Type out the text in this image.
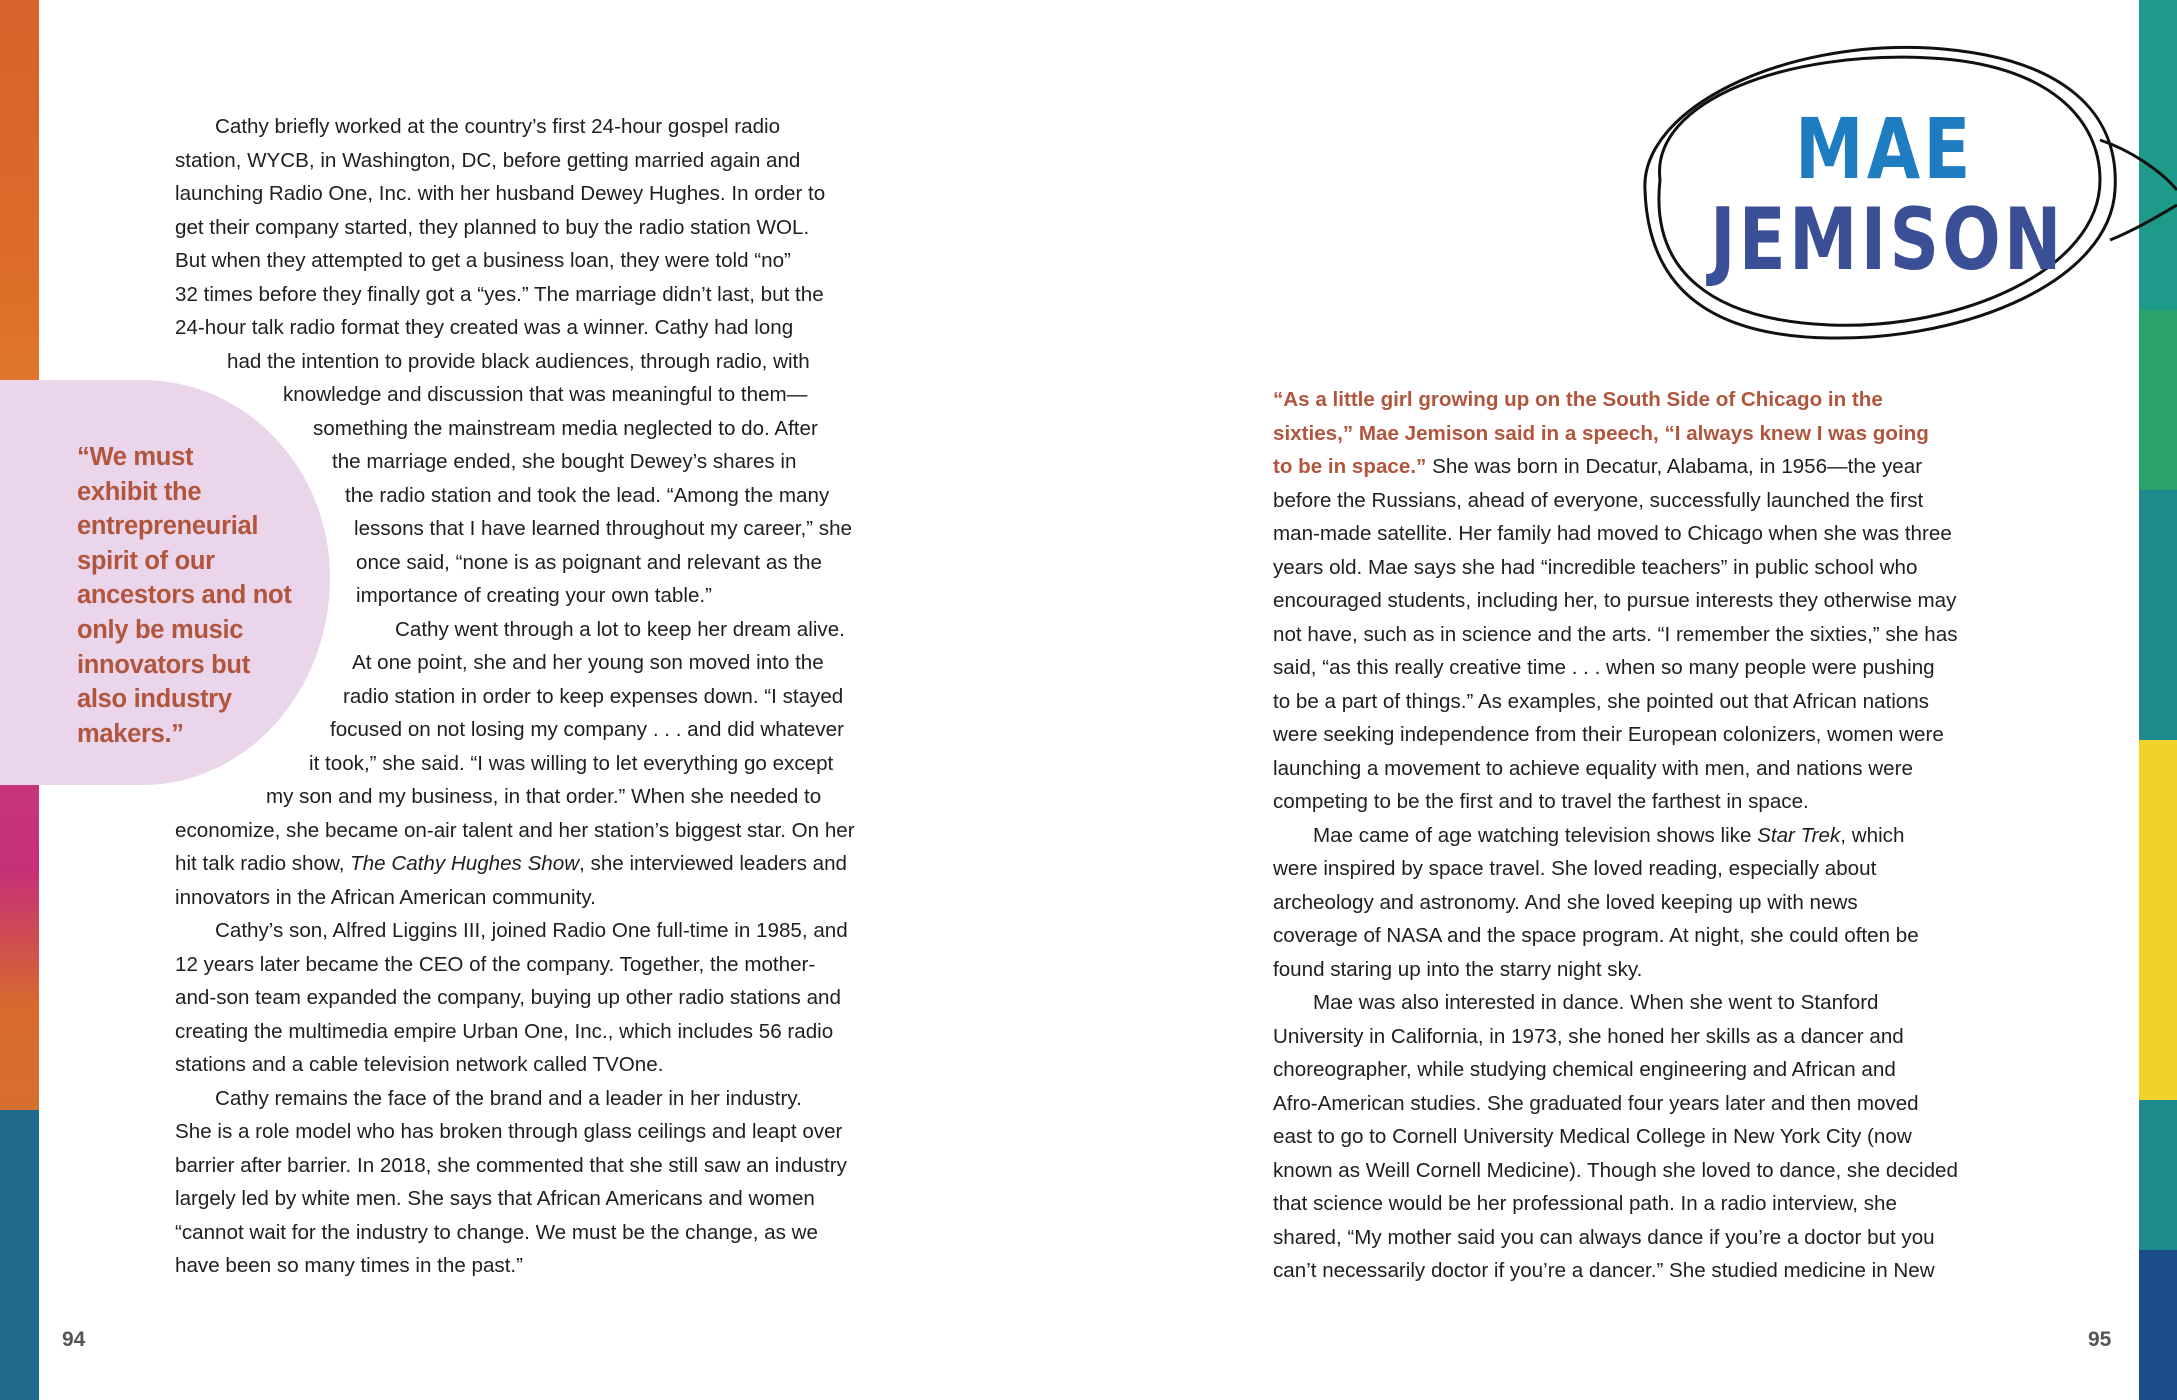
“We must
exhibit the
entrepreneurial
spirit of our
ancestors and not
only be music
innovators but
also industry
makers.”
Cathy briefly worked at the country’s first 24-hour gospel radio
station, WYCB, in Washington, DC, before getting married again and
launching Radio One, Inc. with her husband Dewey Hughes. In order to
get their company started, they planned to buy the radio station WOL.
But when they attempted to get a business loan, they were told “no”
32 times before they finally got a “yes.” The marriage didn’t last, but the
24-hour talk radio format they created was a winner. Cathy had long
had the intention to provide black audiences, through radio, with
knowledge and discussion that was meaningful to them—
something the mainstream media neglected to do. After
the marriage ended, she bought Dewey’s shares in
the radio station and took the lead. “Among the many
lessons that I have learned throughout my career,” she
once said, “none is as poignant and relevant as the
importance of creating your own table.”
Cathy went through a lot to keep her dream alive.
At one point, she and her young son moved into the
radio station in order to keep expenses down. “I stayed
focused on not losing my company . . . and did whatever
it took,” she said. “I was willing to let everything go except
my son and my business, in that order.” When she needed to
economize, she became on-air talent and her station’s biggest star. On her
hit talk radio show, The Cathy Hughes Show, she interviewed leaders and
innovators in the African American community.
Cathy’s son, Alfred Liggins III, joined Radio One full-time in 1985, and
12 years later became the CEO of the company. Together, the mother-
and-son team expanded the company, buying up other radio stations and
creating the multimedia empire Urban One, Inc., which includes 56 radio
stations and a cable television network called TVOne.
Cathy remains the face of the brand and a leader in her industry.
She is a role model who has broken through glass ceilings and leapt over
barrier after barrier. In 2018, she commented that she still saw an industry
largely led by white men. She says that African Americans and women
“cannot wait for the industry to change. We must be the change, as we
have been so many times in the past.”
94
MAE
JEMISON
“As a little girl growing up on the South Side of Chicago in the
sixties,” Mae Jemison said in a speech, “I always knew I was going
to be in space.” She was born in Decatur, Alabama, in 1956—the year
before the Russians, ahead of everyone, successfully launched the first
man-made satellite. Her family had moved to Chicago when she was three
years old. Mae says she had “incredible teachers” in public school who
encouraged students, including her, to pursue interests they otherwise may
not have, such as in science and the arts. “I remember the sixties,” she has
said, “as this really creative time . . . when so many people were pushing
to be a part of things.” As examples, she pointed out that African nations
were seeking independence from their European colonizers, women were
launching a movement to achieve equality with men, and nations were
competing to be the first and to travel the farthest in space.
Mae came of age watching television shows like Star Trek, which
were inspired by space travel. She loved reading, especially about
archeology and astronomy. And she loved keeping up with news
coverage of NASA and the space program. At night, she could often be
found staring up into the starry night sky.
Mae was also interested in dance. When she went to Stanford
University in California, in 1973, she honed her skills as a dancer and
choreographer, while studying chemical engineering and African and
Afro-American studies. She graduated four years later and then moved
east to go to Cornell University Medical College in New York City (now
known as Weill Cornell Medicine). Though she loved to dance, she decided
that science would be her professional path. In a radio interview, she
shared, “My mother said you can always dance if you’re a doctor but you
can’t necessarily doctor if you’re a dancer.” She studied medicine in New
95
